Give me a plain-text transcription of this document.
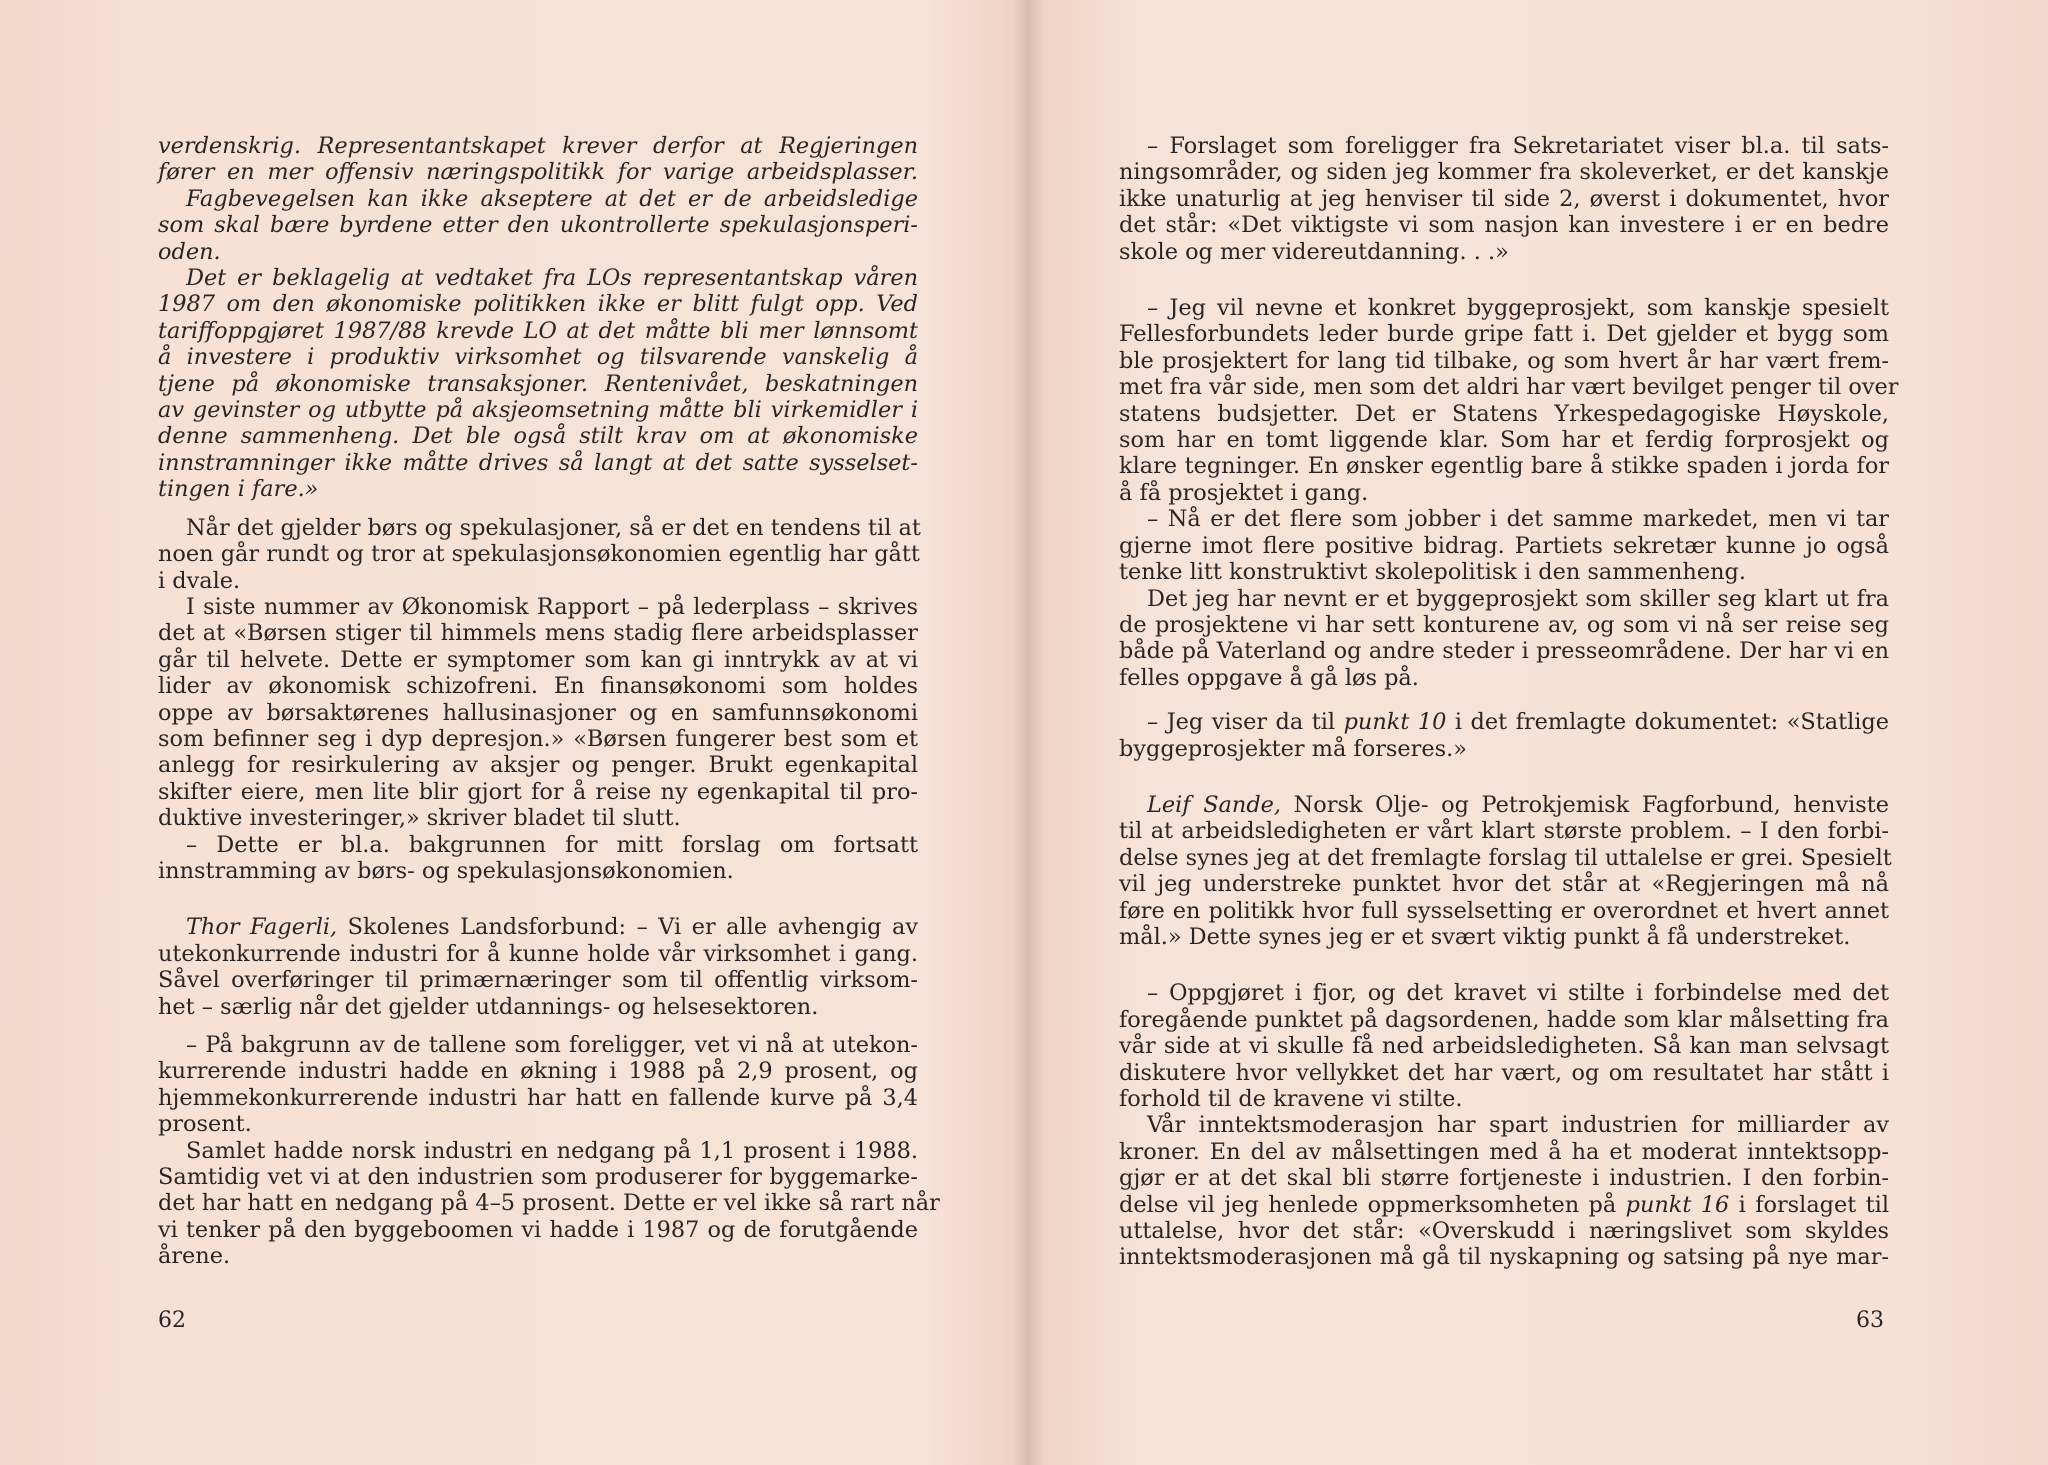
verdenskrig. Representantskapet krever derfor at Regjeringen
fører en mer offensiv næringspolitikk for varige arbeidsplasser.
Fagbevegelsen kan ikke akseptere at det er de arbeidsledige
som skal bære byrdene etter den ukontrollerte spekulasjonsperi-
oden.
Det er beklagelig at vedtaket fra LOs representantskap våren
1987 om den økonomiske politikken ikke er blitt fulgt opp. Ved
tariffoppgjøret 1987/88 krevde LO at det måtte bli mer lønnsomt
å investere i produktiv virksomhet og tilsvarende vanskelig å
tjene på økonomiske transaksjoner. Rentenivået, beskatningen
av gevinster og utbytte på aksjeomsetning måtte bli virkemidler i
denne sammenheng. Det ble også stilt krav om at økonomiske
innstramninger ikke måtte drives så langt at det satte sysselset-
tingen i fare.»
Når det gjelder børs og spekulasjoner, så er det en tendens til at
noen går rundt og tror at spekulasjonsøkonomien egentlig har gått
i dvale.
I siste nummer av Økonomisk Rapport – på lederplass – skrives
det at «Børsen stiger til himmels mens stadig flere arbeidsplasser
går til helvete. Dette er symptomer som kan gi inntrykk av at vi
lider av økonomisk schizofreni. En finansøkonomi som holdes
oppe av børsaktørenes hallusinasjoner og en samfunnsøkonomi
som befinner seg i dyp depresjon.» «Børsen fungerer best som et
anlegg for resirkulering av aksjer og penger. Brukt egenkapital
skifter eiere, men lite blir gjort for å reise ny egenkapital til pro-
duktive investeringer,» skriver bladet til slutt.
– Dette er bl.a. bakgrunnen for mitt forslag om fortsatt
innstramming av børs- og spekulasjonsøkonomien.
Thor Fagerli, Skolenes Landsforbund: – Vi er alle avhengig av
utekonkurrende industri for å kunne holde vår virksomhet i gang.
Såvel overføringer til primærnæringer som til offentlig virksom-
het – særlig når det gjelder utdannings- og helsesektoren.
– På bakgrunn av de tallene som foreligger, vet vi nå at utekon-
kurrerende industri hadde en økning i 1988 på 2,9 prosent, og
hjemmekonkurrerende industri har hatt en fallende kurve på 3,4
prosent.
Samlet hadde norsk industri en nedgang på 1,1 prosent i 1988.
Samtidig vet vi at den industrien som produserer for byggemarke-
det har hatt en nedgang på 4–5 prosent. Dette er vel ikke så rart når
vi tenker på den byggeboomen vi hadde i 1987 og de forutgående
årene.
62
– Forslaget som foreligger fra Sekretariatet viser bl.a. til sats-
ningsområder, og siden jeg kommer fra skoleverket, er det kanskje
ikke unaturlig at jeg henviser til side 2, øverst i dokumentet, hvor
det står: «Det viktigste vi som nasjon kan investere i er en bedre
skole og mer videreutdanning. . .»
– Jeg vil nevne et konkret byggeprosjekt, som kanskje spesielt
Fellesforbundets leder burde gripe fatt i. Det gjelder et bygg som
ble prosjektert for lang tid tilbake, og som hvert år har vært frem-
met fra vår side, men som det aldri har vært bevilget penger til over
statens budsjetter. Det er Statens Yrkespedagogiske Høyskole,
som har en tomt liggende klar. Som har et ferdig forprosjekt og
klare tegninger. En ønsker egentlig bare å stikke spaden i jorda for
å få prosjektet i gang.
– Nå er det flere som jobber i det samme markedet, men vi tar
gjerne imot flere positive bidrag. Partiets sekretær kunne jo også
tenke litt konstruktivt skolepolitisk i den sammenheng.
Det jeg har nevnt er et byggeprosjekt som skiller seg klart ut fra
de prosjektene vi har sett konturene av, og som vi nå ser reise seg
både på Vaterland og andre steder i presseområdene. Der har vi en
felles oppgave å gå løs på.
– Jeg viser da til punkt 10 i det fremlagte dokumentet: «Statlige
byggeprosjekter må forseres.»
Leif Sande, Norsk Olje- og Petrokjemisk Fagforbund, henviste
til at arbeidsledigheten er vårt klart største problem. – I den forbi-
delse synes jeg at det fremlagte forslag til uttalelse er grei. Spesielt
vil jeg understreke punktet hvor det står at «Regjeringen må nå
føre en politikk hvor full sysselsetting er overordnet et hvert annet
mål.» Dette synes jeg er et svært viktig punkt å få understreket.
– Oppgjøret i fjor, og det kravet vi stilte i forbindelse med det
foregående punktet på dagsordenen, hadde som klar målsetting fra
vår side at vi skulle få ned arbeidsledigheten. Så kan man selvsagt
diskutere hvor vellykket det har vært, og om resultatet har stått i
forhold til de kravene vi stilte.
Vår inntektsmoderasjon har spart industrien for milliarder av
kroner. En del av målsettingen med å ha et moderat inntektsopp-
gjør er at det skal bli større fortjeneste i industrien. I den forbin-
delse vil jeg henlede oppmerksomheten på punkt 16 i forslaget til
uttalelse, hvor det står: «Overskudd i næringslivet som skyldes
inntektsmoderasjonen må gå til nyskapning og satsing på nye mar-
63
